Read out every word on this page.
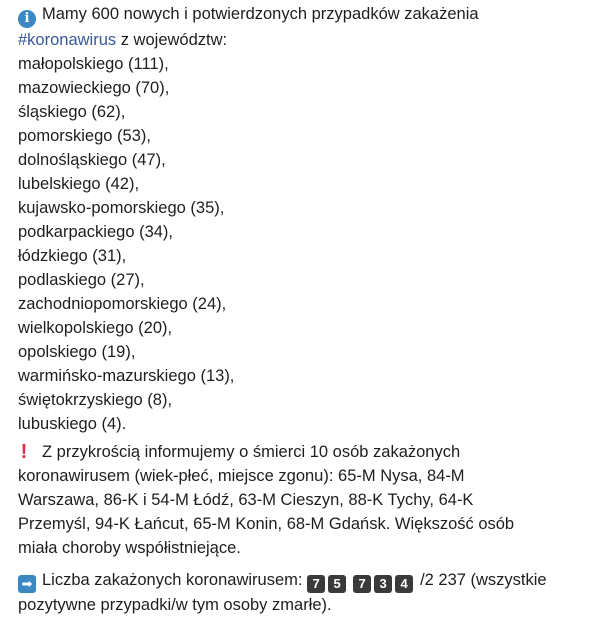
i Mamy 600 nowych i potwierdzonych przypadków zakażenia
#koronawirus z województw:
małopolskiego (111),
mazowieckiego (70),
śląskiego (62),
pomorskiego (53),
dolnośląskiego (47),
lubelskiego (42),
kujawsko-pomorskiego (35),
podkarpackiego (34),
łódzkiego (31),
podlaskiego (27),
zachodniopomorskiego (24),
wielkopolskiego (20),
opolskiego (19),
warmińsko-mazurskiego (13),
świętokrzyskiego (8),
lubuskiego (4).
! Z przykrością informujemy o śmierci 10 osób zakażonych
koronawirusem (wiek-płeć, miejsce zgonu): 65-M Nysa, 84-M
Warszawa, 86-K i 54-M Łódź, 63-M Cieszyn, 88-K Tychy, 64-K
Przemyśl, 94-K Łańcut, 65-M Konin, 68-M Gdańsk. Większość osób
miała choroby współistniejące.
➡ Liczba zakażonych koronawirusem: 7 5 7 3 4 /2 237 (wszystkie
pozytywne przypadki/w tym osoby zmarłe).
